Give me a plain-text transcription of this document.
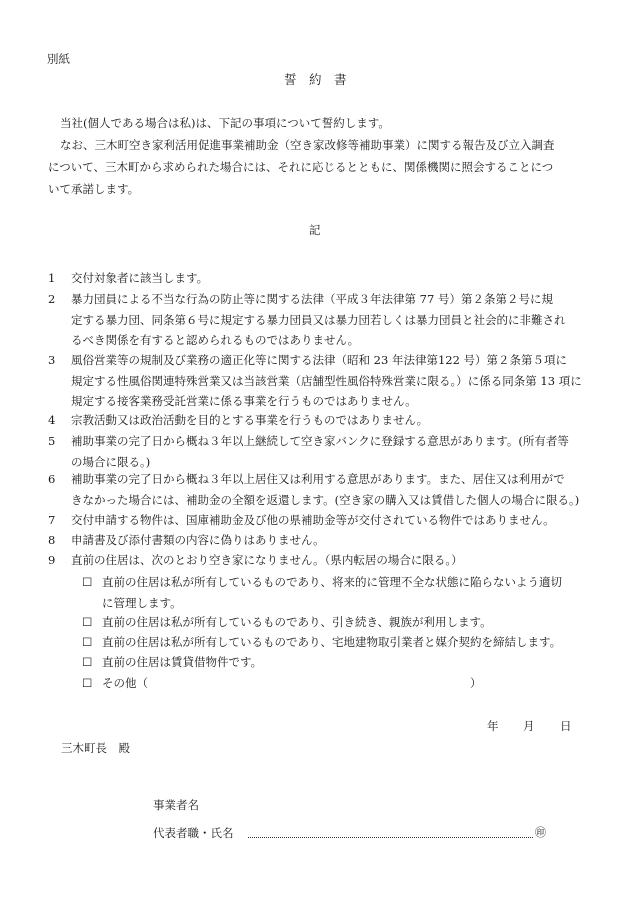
別紙
誓　約　書
当社(個人である場合は私)は、下記の事項について誓約します。
なお、三木町空き家利活用促進事業補助金（空き家改修等補助事業）に関する報告及び立入調査
について、三木町から求められた場合には、それに応じるとともに、関係機関に照会することにつ
いて承諾します。
記
1	交付対象者に該当します。
2	暴力団員による不当な行為の防止等に関する法律（平成３年法律第 77 号）第２条第２号に規
定する暴力団、同条第６号に規定する暴力団員又は暴力団若しくは暴力団員と社会的に非難され
るべき関係を有すると認められるものではありません。
3	風俗営業等の規制及び業務の適正化等に関する法律（昭和 23 年法律第122 号）第２条第５項に
規定する性風俗関連特殊営業又は当該営業（店舗型性風俗特殊営業に限る。）に係る同条第 13 項に
規定する接客業務受託営業に係る事業を行うものではありません。
4	宗教活動又は政治活動を目的とする事業を行うものではありません。
5	補助事業の完了日から概ね３年以上継続して空き家バンクに登録する意思があります。(所有者等
の場合に限る。)
6	補助事業の完了日から概ね３年以上居住又は利用する意思があります。また、居住又は利用がで
きなかった場合には、補助金の全額を返還します。(空き家の購入又は賃借した個人の場合に限る。)
7	交付申請する物件は、国庫補助金及び他の県補助金等が交付されている物件ではありません。
8	申請書及び添付書類の内容に偽りはありません。
9	直前の住居は、次のとおり空き家になりません。（県内転居の場合に限る。）
☐ 直前の住居は私が所有しているものであり、将来的に管理不全な状態に陥らないよう適切
に管理します。
☐ 直前の住居は私が所有しているものであり、引き続き、親族が利用します。
☐ 直前の住居は私が所有しているものであり、宅地建物取引業者と媒介契約を締結します。
☐ 直前の住居は賃貸借物件です。
☐ その他（	）
年 月 日
三木町長　殿
事業者名
代表者職・氏名	㊞
